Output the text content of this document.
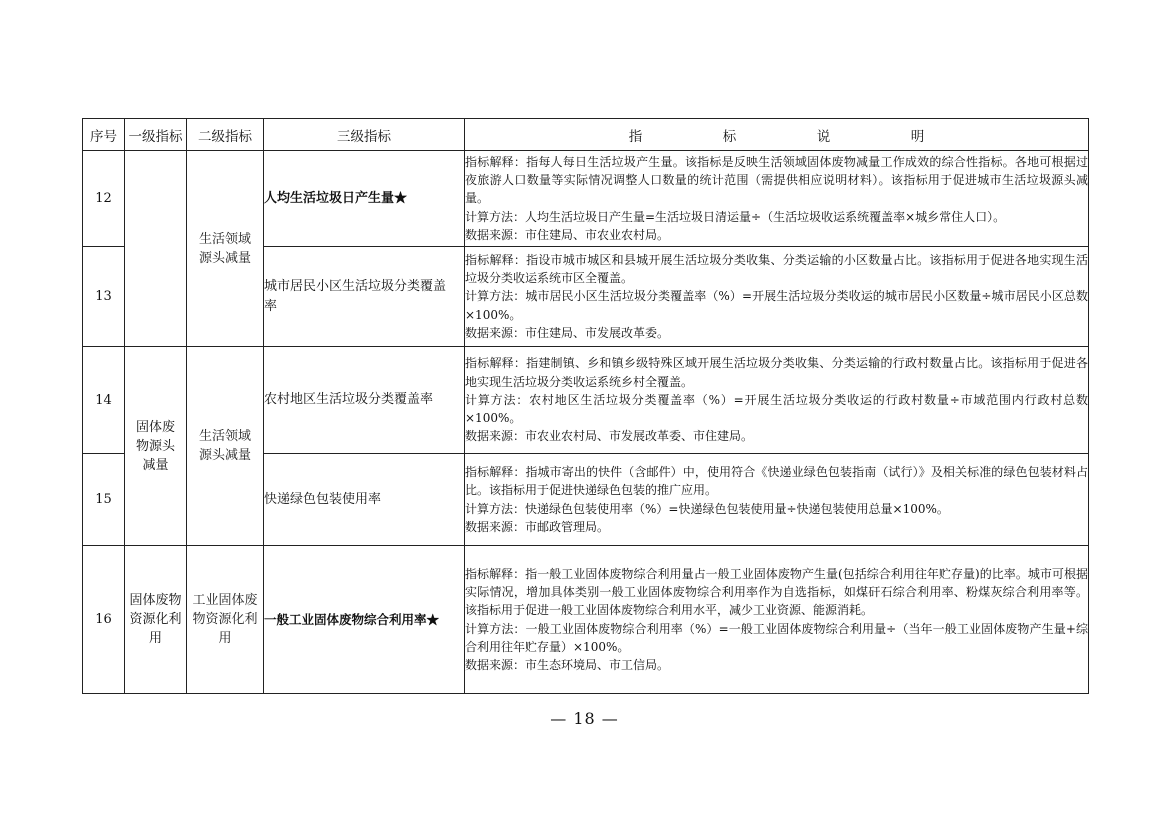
序号	一级指标	二级指标	三级指标	指 标 说 明
12		生活领域源头减量	人均生活垃圾日产生量★	指标解释：指每人每日生活垃圾产生量。该指标是反映生活领域固体废物减量工作成效的综合性指标。各地可根据过夜旅游人口数量等实际情况调整人口数量的统计范围（需提供相应说明材料）。该指标用于促进城市生活垃圾源头减量。

计算方法：人均生活垃圾日产生量=生活垃圾日清运量÷（生活垃圾收运系统覆盖率×城乡常住人口）。

数据来源：市住建局、市农业农村局。

13			城市居民小区生活垃圾分类覆盖率	指标解释：指设市城市城区和县城开展生活垃圾分类收集、分类运输的小区数量占比。该指标用于促进各地实现生活垃圾分类收运系统市区全覆盖。

计算方法：城市居民小区生活垃圾分类覆盖率（%）=开展生活垃圾分类收运的城市居民小区数量÷城市居民小区总数×100%。

数据来源：市住建局、市发展改革委。

14	固体废物源头减量	生活领域源头减量	农村地区生活垃圾分类覆盖率	指标解释：指建制镇、乡和镇乡级特殊区域开展生活垃圾分类收集、分类运输的行政村数量占比。该指标用于促进各地实现生活垃圾分类收运系统乡村全覆盖。

计算方法：农村地区生活垃圾分类覆盖率（%）=开展生活垃圾分类收运的行政村数量÷市域范围内行政村总数×100%。

数据来源：市农业农村局、市发展改革委、市住建局。

15			快递绿色包装使用率	指标解释：指城市寄出的快件（含邮件）中，使用符合《快递业绿色包装指南（试行）》及相关标准的绿色包装材料占比。该指标用于促进快递绿色包装的推广应用。

计算方法：快递绿色包装使用率（%）=快递绿色包装使用量÷快递包装使用总量×100%。

数据来源：市邮政管理局。

16	固体废物资源化利用	工业固体废物资源化利用	一般工业固体废物综合利用率★	指标解释：指一般工业固体废物综合利用量占一般工业固体废物产生量(包括综合利用往年贮存量)的比率。城市可根据实际情况，增加具体类别一般工业固体废物综合利用率作为自选指标，如煤矸石综合利用率、粉煤灰综合利用率等。该指标用于促进一般工业固体废物综合利用水平，减少工业资源、能源消耗。

计算方法：一般工业固体废物综合利用率（%）=一般工业固体废物综合利用量÷（当年一般工业固体废物产生量+综合利用往年贮存量）×100%。

数据来源：市生态环境局、市工信局。

— 18 —
